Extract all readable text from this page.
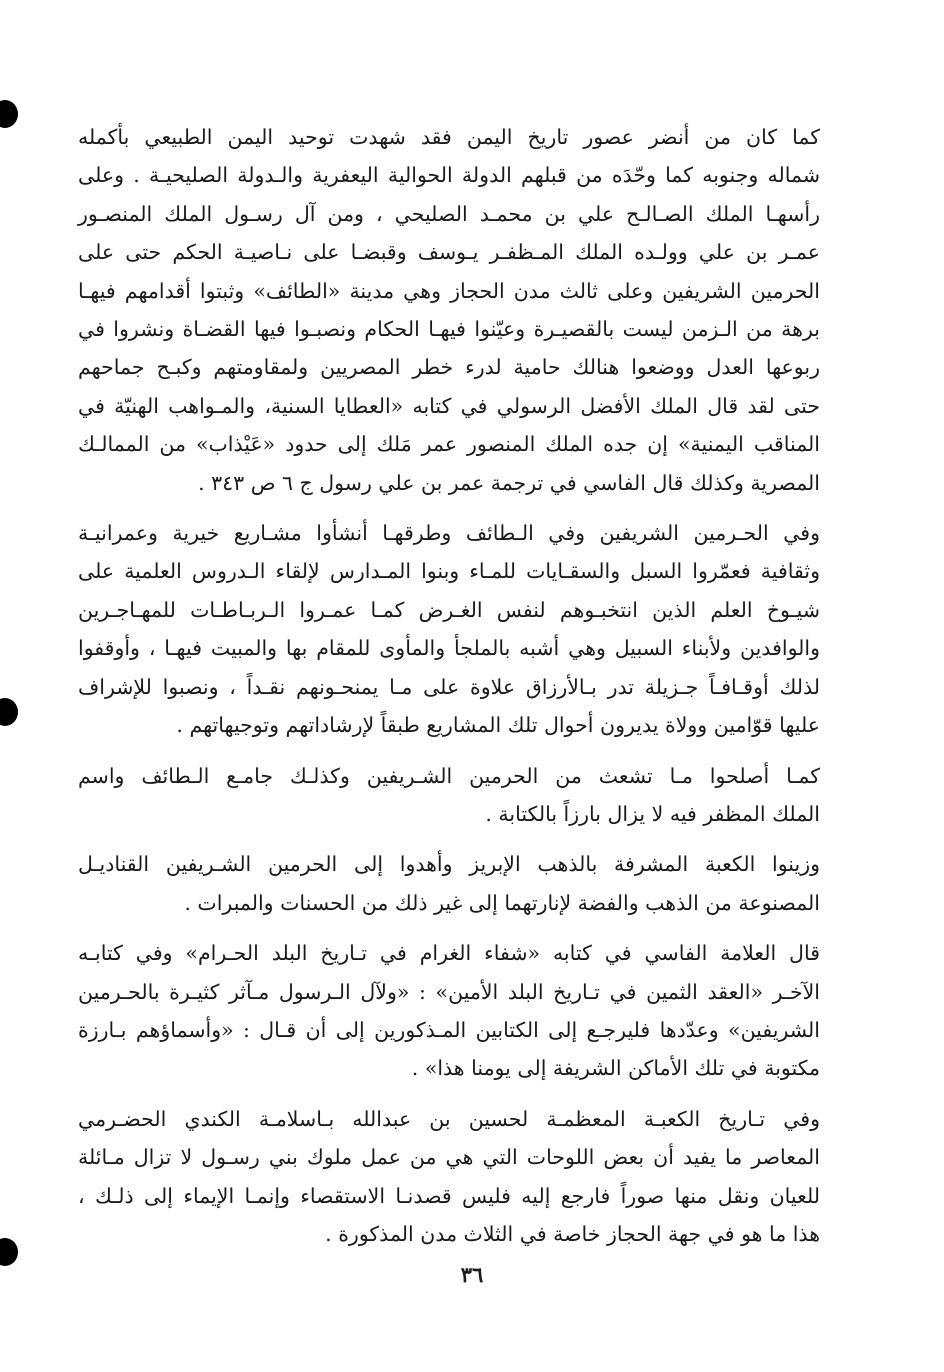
كما كان من أنضر عصور تاريخ اليمن فقد شهدت توحيد اليمن الطبيعي بأكمله
شماله وجنوبه كما وحّدَه من قبلهم الدولة الحوالية اليعفرية والـدولة الصليحيـة . وعلى
رأسهـا الملك الصـالـح علي بن محمـد الصليحي ، ومن آل رسـول الملك المنصـور
عمـر بن علي وولـده الملك المـظفـر يـوسف وقبضـا على نـاصيـة الحكم حتى على
الحرمين الشريفين وعلى ثالث مدن الحجاز وهي مدينة «الطائف» وثبتوا أقدامهم فيهـا
برهة من الـزمن ليست بالقصيـرة وعيّنوا فيهـا الحكام ونصبـوا فيها القضـاة ونشروا في
ربوعها العدل ووضعوا هنالك حامية لدرء خطر المصريين ولمقاومتهم وكبـح جماحهم
حتى لقد قال الملك الأفضل الرسولي في كتابه «العطايا السنية، والمـواهب الهنيّة في
المناقب اليمنية» إن جده الملك المنصور عمر مَلك إلى حدود «عَيْذاب» من الممالـك
المصرية وكذلك قال الفاسي في ترجمة عمر بن علي رسول ج ٦ ص ٣٤٣ .
وفي الحـرمين الشريفين وفي الـطائف وطرقهـا أنشأوا مشـاريع خيرية وعمرانيـة
وثقافية فعمّروا السبل والسقـايات للمـاء وبنوا المـدارس لإلقاء الـدروس العلمية على
شيـوخ العلم الذين انتخبـوهم لنفس الغـرض كمـا عمـروا الـربـاطـات للمهـاجـرين
والوافدين ولأبناء السبيل وهي أشبه بالملجأ والمأوى للمقام بها والمبيت فيهـا ، وأوقفوا
لذلك أوقـافـاً جـزيلة تدر بـالأرزاق علاوة على مـا يمنحـونهم نقـداً ، ونصبوا للإشراف
عليها قوّامين وولاة يديرون أحوال تلك المشاريع طبقاً لإرشاداتهم وتوجيهاتهم .
كمـا أصلحوا مـا تشعث من الحرمين الشـريفين وكذلـك جامـع الـطائف واسم
الملك المظفر فيه لا يزال بارزاً بالكتابة .
وزينوا الكعبة المشرفة بالذهب الإبريز وأهدوا إلى الحرمين الشـريفين القناديـل
المصنوعة من الذهب والفضة لإنارتهما إلى غير ذلك من الحسنات والمبرات .
قال العلامة الفاسي في كتابه «شفاء الغرام في تـاريخ البلد الحـرام» وفي كتابـه
الآخـر «العقد الثمين في تـاريخ البلد الأمين» : «ولآل الـرسول مـآثر كثيـرة بالحـرمين
الشريفين» وعدّدها فليرجـع إلى الكتابين المـذكورين إلى أن قـال : «وأسماؤهم بـارزة
مكتوبة في تلك الأماكن الشريفة إلى يومنا هذا» .
وفي تـاريخ الكعبـة المعظمـة لحسين بن عبدالله بـاسلامـة الكندي الحضـرمي
المعاصر ما يفيد أن بعض اللوحات التي هي من عمل ملوك بني رسـول لا تزال مـائلة
للعيان ونقل منها صوراً فارجع إليه فليس قصدنـا الاستقصاء وإنمـا الإيماء إلى ذلـك ،
هذا ما هو في جهة الحجاز خاصة في الثلاث مدن المذكورة .
٣٦
